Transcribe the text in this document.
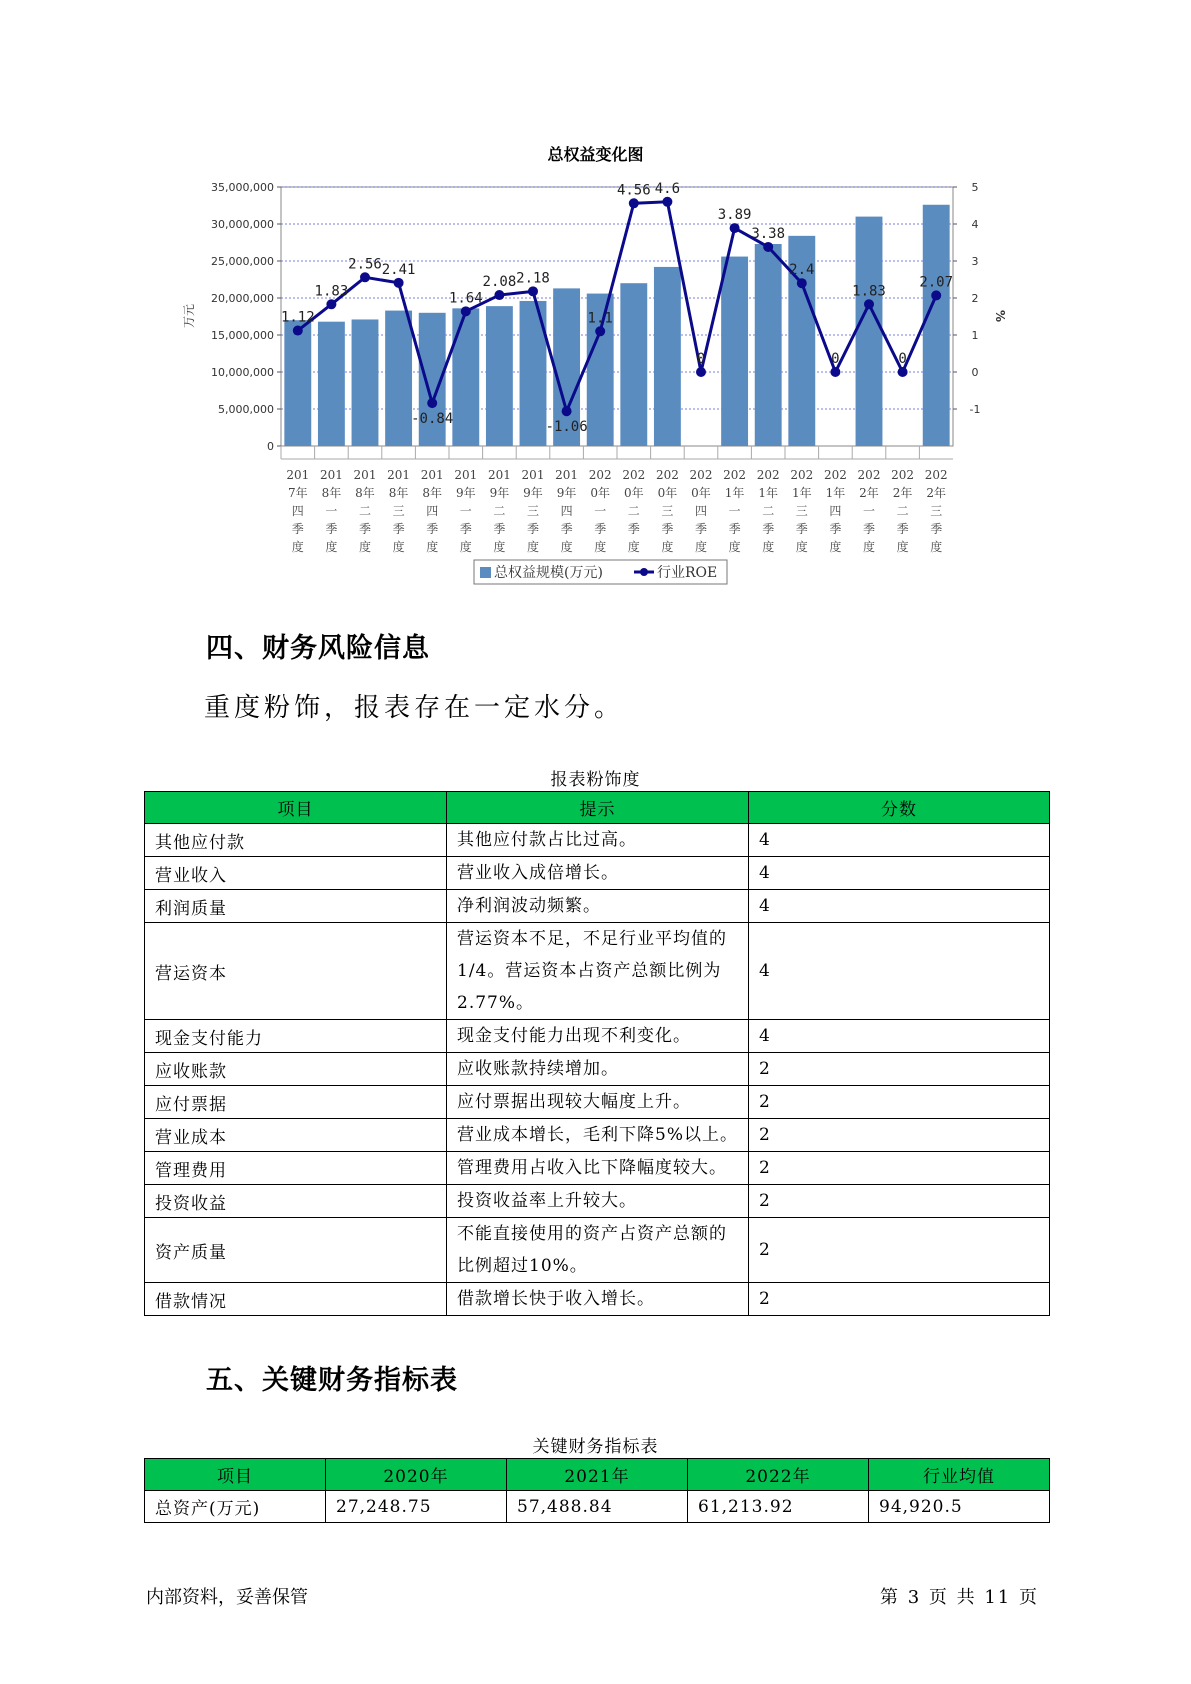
总权益变化图
0
5,000,000
10,000,000
15,000,000
20,000,000
25,000,000
30,000,000
35,000,000
-1
0
1
2
3
4
5
万元	%
201
7年
四
季
度
201
8年
一
季
度
201
8年
二
季
度
201
8年
三
季
度
201
8年
四
季
度
201
9年
一
季
度
201
9年
二
季
度
201
9年
三
季
度
201
9年
四
季
度
202
0年
一
季
度
202
0年
二
季
度
202
0年
三
季
度
202
0年
四
季
度
202
1年
一
季
度
202
1年
二
季
度
202
1年
三
季
度
202
1年
四
季
度
202
2年
一
季
度
202
2年
二
季
度
202
2年
三
季
度
1.12
1.83
2.56 2.41
-0.84
1.64
2.08 2.18
-1.06
1.1
4.56 4.6
0
3.89
3.38
2.4
0
1.83
0
2.07
总权益规模(万元)	行业ROE
四、财务风险信息
重度粉饰，报表存在一定水分。
报表粉饰度
项目	提示	分数
其他应付款	其他应付款占比过高。	4
营业收入	营业收入成倍增长。	4
利润质量	净利润波动频繁。	4
营运资本	营运资本不足，不足行业平均值的1/4。营运资本占资产总额比例为2.77%。	4
现金支付能力	现金支付能力出现不利变化。	4
应收账款	应收账款持续增加。	2
应付票据	应付票据出现较大幅度上升。	2
营业成本	营业成本增长，毛利下降5%以上。	2
管理费用	管理费用占收入比下降幅度较大。	2
投资收益	投资收益率上升较大。	2
资产质量	不能直接使用的资产占资产总额的比例超过10%。	2
借款情况	借款增长快于收入增长。	2
五、关键财务指标表
关键财务指标表
项目	2020年	2021年	2022年	行业均值
总资产(万元)	27,248.75	57,488.84	61,213.92	94,920.5
内部资料，妥善保管	第 3 页 共 11 页
